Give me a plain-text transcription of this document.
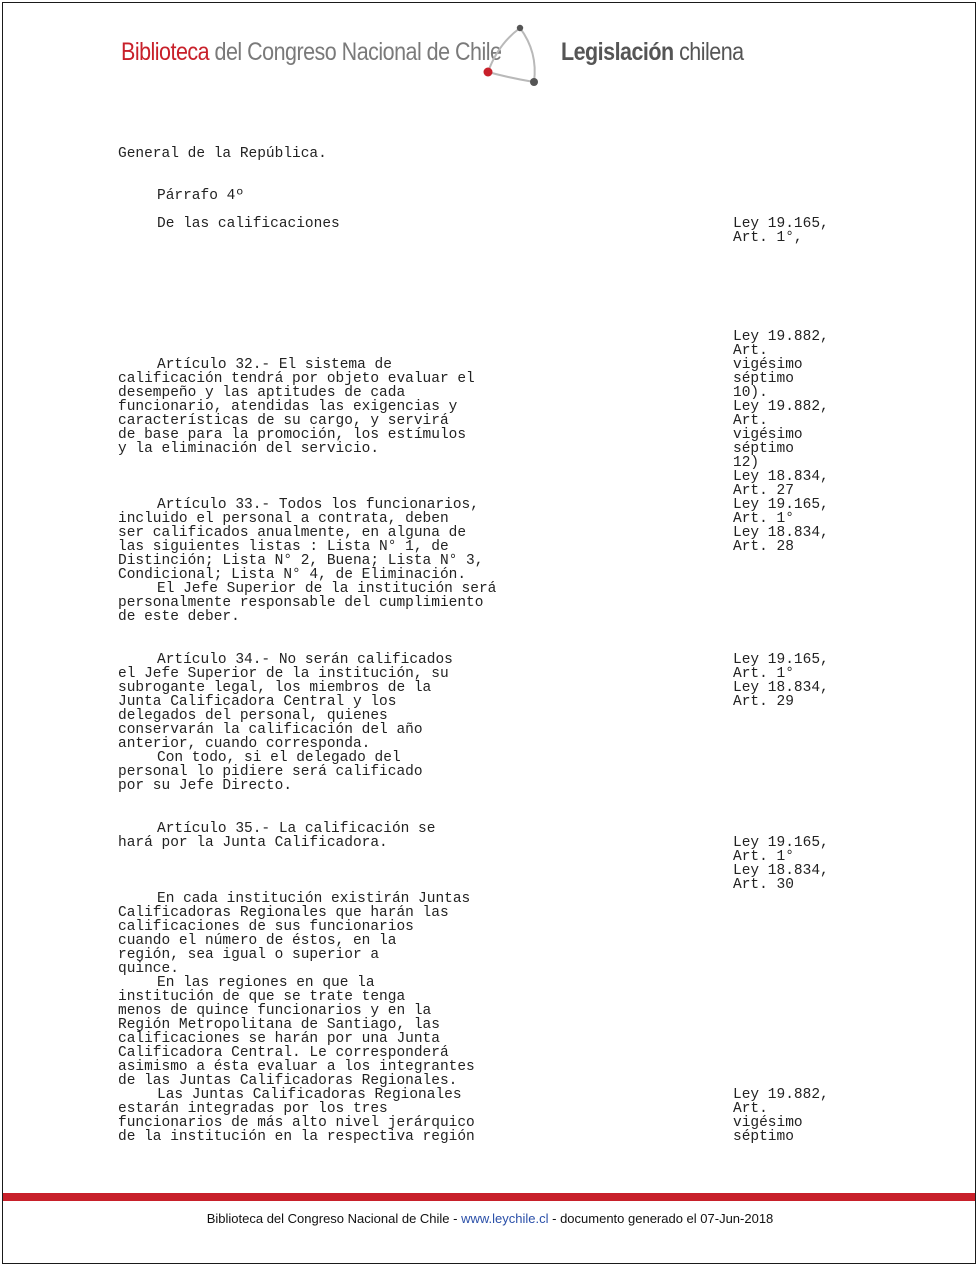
Biblioteca del Congreso Nacional de Chile Legislación chilena
General de la República.
Párrafo 4º
De las calificaciones
Artículo 32.- El sistema de
calificación tendrá por objeto evaluar el
desempeño y las aptitudes de cada
funcionario, atendidas las exigencias y
características de su cargo, y servirá
de base para la promoción, los estímulos
y la eliminación del servicio.
Artículo 33.- Todos los funcionarios,
incluido el personal a contrata, deben
ser calificados anualmente, en alguna de
las siguientes listas : Lista N° 1, de
Distinción; Lista N° 2, Buena; Lista N° 3,
Condicional; Lista N° 4, de Eliminación.
El Jefe Superior de la institución será
personalmente responsable del cumplimiento
de este deber.
Artículo 34.- No serán calificados
el Jefe Superior de la institución, su
subrogante legal, los miembros de la
Junta Calificadora Central y los
delegados del personal, quienes
conservarán la calificación del año
anterior, cuando corresponda.
Con todo, si el delegado del
personal lo pidiere será calificado
por su Jefe Directo.
Artículo 35.- La calificación se
hará por la Junta Calificadora.
En cada institución existirán Juntas
Calificadoras Regionales que harán las
calificaciones de sus funcionarios
cuando el número de éstos, en la
región, sea igual o superior a
quince.
En las regiones en que la
institución de que se trate tenga
menos de quince funcionarios y en la
Región Metropolitana de Santiago, las
calificaciones se harán por una Junta
Calificadora Central. Le corresponderá
asimismo a ésta evaluar a los integrantes
de las Juntas Calificadoras Regionales.
Las Juntas Calificadoras Regionales
estarán integradas por los tres
funcionarios de más alto nivel jerárquico
de la institución en la respectiva región
Ley 19.165,
Art. 1°,
Ley 19.882,
Art.
vigésimo
séptimo
10).
Ley 19.882,
Art.
vigésimo
séptimo
12)
Ley 18.834,
Art. 27
Ley 19.165,
Art. 1°
Ley 18.834,
Art. 28
Ley 19.165,
Art. 1°
Ley 18.834,
Art. 29
Ley 19.165,
Art. 1°
Ley 18.834,
Art. 30
Ley 19.882,
Art.
vigésimo
séptimo
Biblioteca del Congreso Nacional de Chile - www.leychile.cl - documento generado el 07-Jun-2018
